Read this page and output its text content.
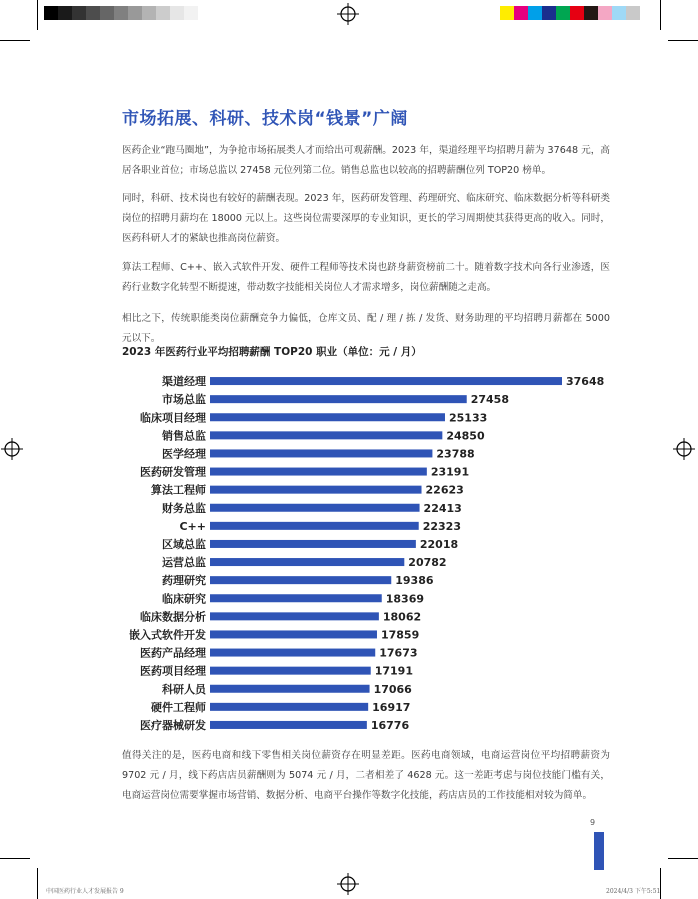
市场拓展、科研、技术岗“钱景”广阔

医药企业“跑马圈地”，为争抢市场拓展类人才而给出可观薪酬。2023 年，渠道经理平均招聘月薪为 37648 元，高居各职业首位；市场总监以 27458 元位列第二位。销售总监也以较高的招聘薪酬位列 TOP20 榜单。

同时，科研、技术岗也有较好的薪酬表现。2023 年，医药研发管理、药理研究、临床研究、临床数据分析等科研类岗位的招聘月薪均在 18000 元以上。这些岗位需要深厚的专业知识，更长的学习周期使其获得更高的收入。同时，医药科研人才的紧缺也推高岗位薪资。

算法工程师、C++、嵌入式软件开发、硬件工程师等技术岗也跻身薪资榜前二十。随着数字技术向各行业渗透，医药行业数字化转型不断提速，带动数字技能相关岗位人才需求增多，岗位薪酬随之走高。

相比之下，传统职能类岗位薪酬竞争力偏低，仓库文员、配 / 理 / 拣 / 发货、财务助理的平均招聘月薪都在 5000 元以下。

2023 年医药行业平均招聘薪酬 TOP20 职业（单位：元 / 月）
渠道经理	37648
市场总监	27458
临床项目经理	25133
销售总监	24850
医学经理	23788
医药研发管理	23191
算法工程师	22623
财务总监	22413
C++	22323
区域总监	22018
运营总监	20782
药理研究	19386
临床研究	18369
临床数据分析	18062
嵌入式软件开发	17859
医药产品经理	17673
医药项目经理	17191
科研人员	17066
硬件工程师	16917
医疗器械研发	16776

值得关注的是，医药电商和线下零售相关岗位薪资存在明显差距。医药电商领域，电商运营岗位平均招聘薪资为 9702 元 / 月，线下药店店员薪酬则为 5074 元 / 月，二者相差了 4628 元。这一差距考虑与岗位技能门槛有关，电商运营岗位需要掌握市场营销、数据分析、电商平台操作等数字化技能，药店店员的工作技能相对较为简单。

9
中国医药行业人才发展报告 9	2024/4/3 下午5:51
